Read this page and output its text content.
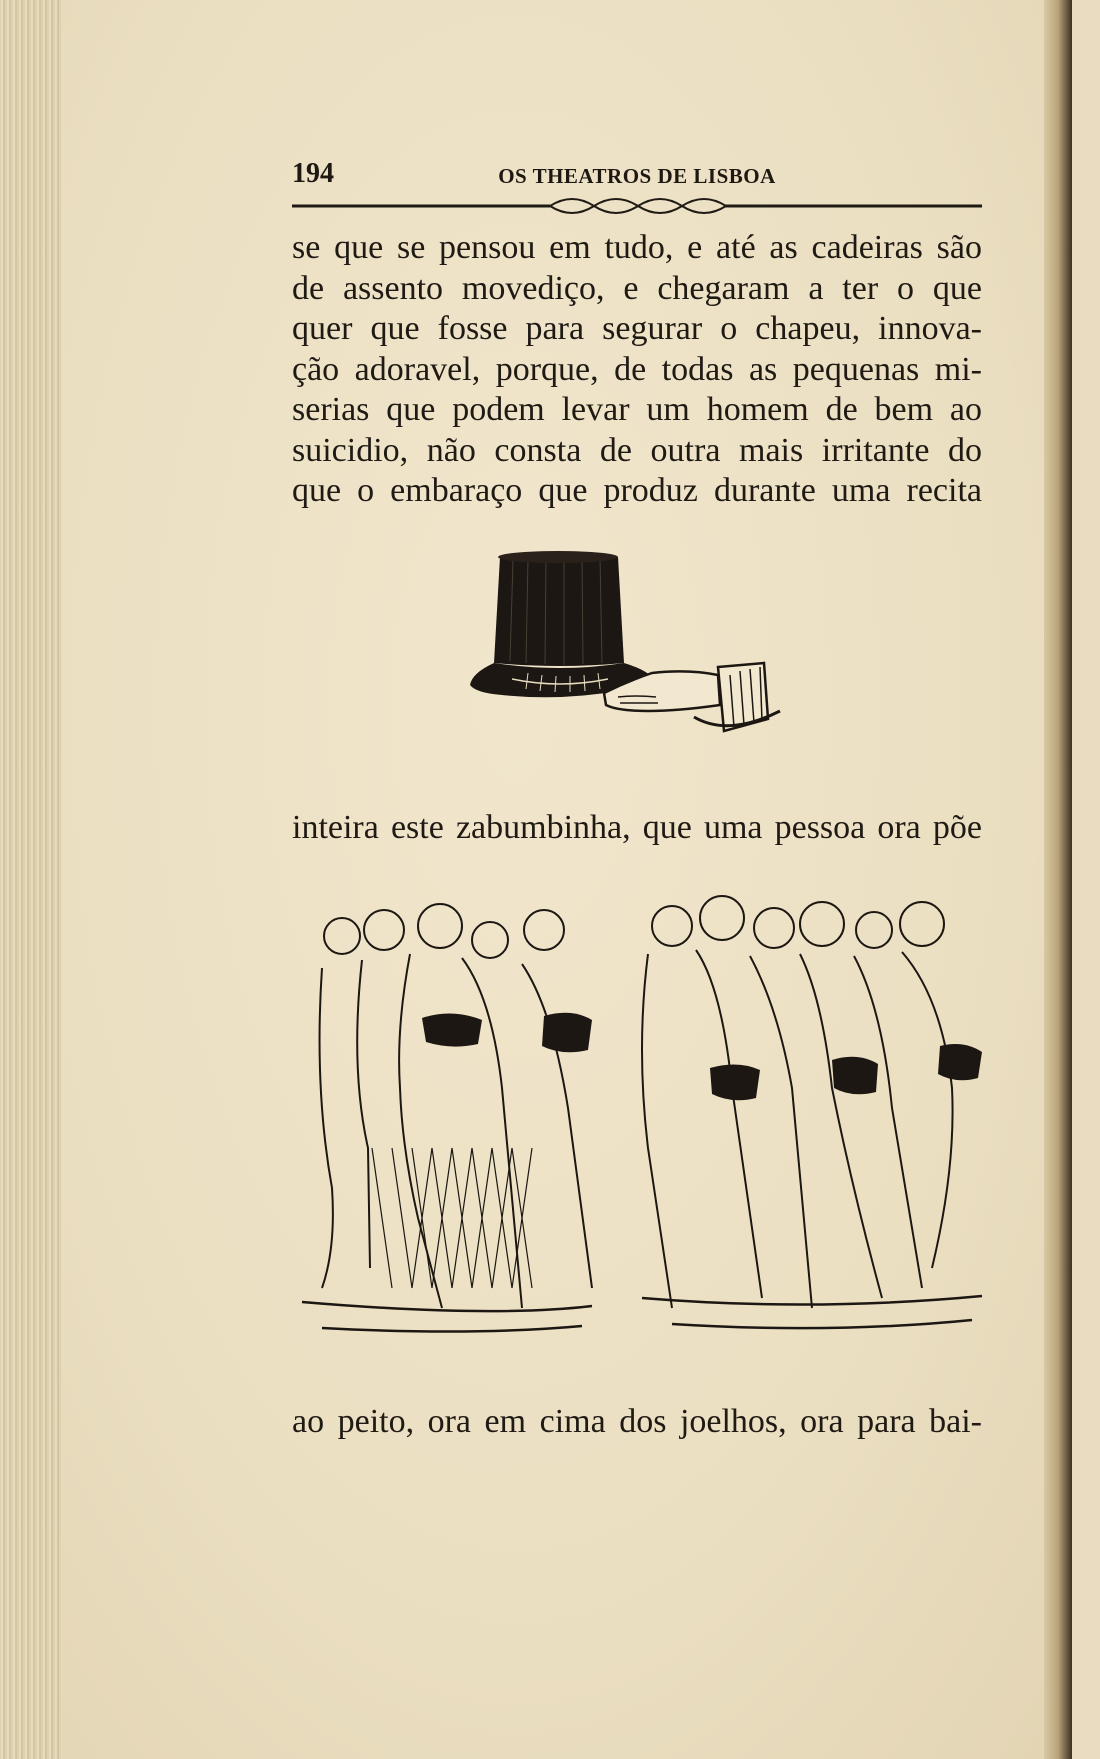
194	OS THEATROS DE LISBOA
se que se pensou em tudo, e até as cadeiras são
de assento movediço, e chegaram a ter o que
quer que fosse para segurar o chapeu, innova-
ção adoravel, porque, de todas as pequenas mi-
serias que podem levar um homem de bem ao
suicidio, não consta de outra mais irritante do
que o embaraço que produz durante uma recita
inteira este zabumbinha, que uma pessoa ora põe
ao peito, ora em cima dos joelhos, ora para bai-
